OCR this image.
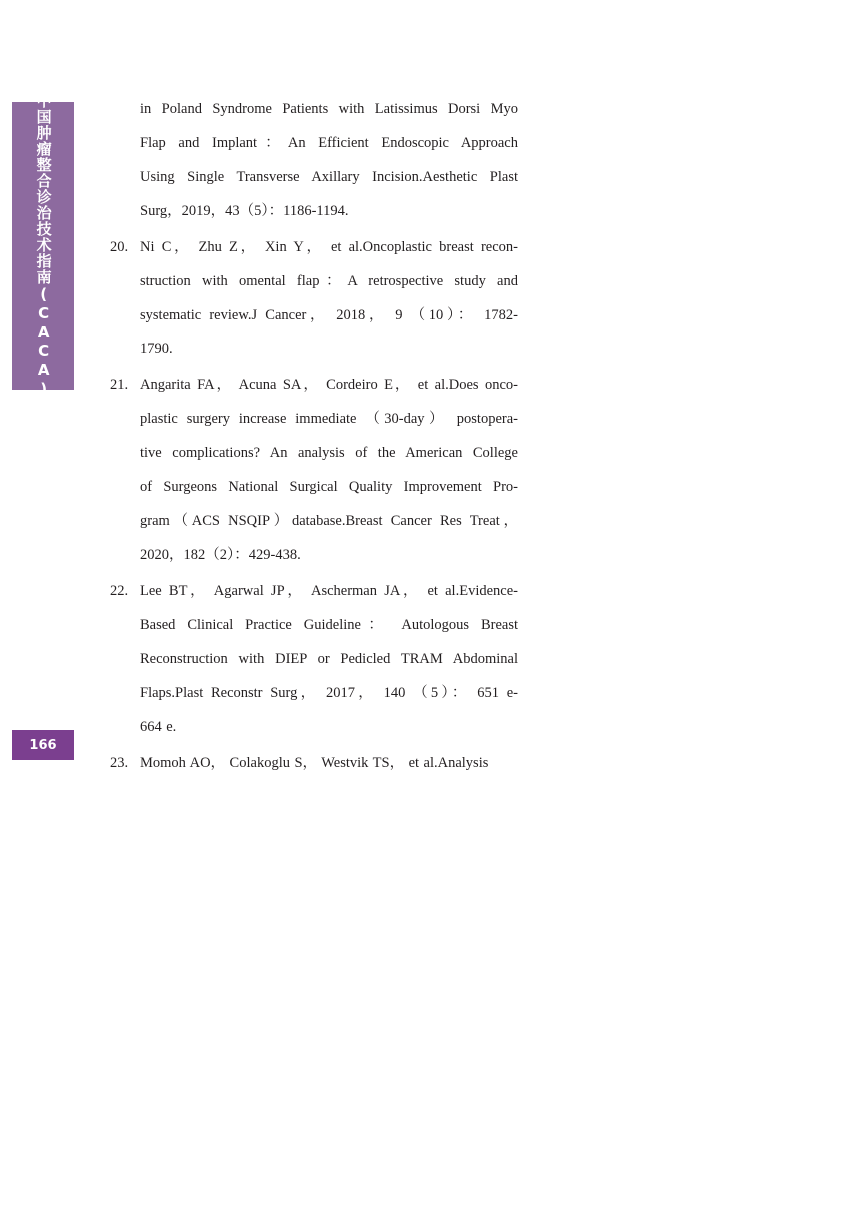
中国肿瘤整合诊治技术指南(CACA)
166
in Poland Syndrome Patients with Latissimus Dorsi Myo
Flap and Implant：An Efficient Endoscopic Approach
Using Single Transverse Axillary Incision.Aesthetic Plast
Surg，2019，43（5）：1186-1194.
20. Ni C， Zhu Z， Xin Y， et al.Oncoplastic breast recon-
struction with omental flap：A retrospective study and
systematic review.J Cancer， 2018， 9 （10）： 1782-
1790.
21. Angarita FA， Acuna SA， Cordeiro E， et al.Does onco-
plastic surgery increase immediate （30-day） postopera-
tive complications? An analysis of the American College
of Surgeons National Surgical Quality Improvement Pro-
gram（ACS NSQIP）database.Breast Cancer Res Treat，
2020，182（2）：429-438.
22. Lee BT， Agarwal JP， Ascherman JA， et al.Evidence-
Based Clinical Practice Guideline： Autologous Breast
Reconstruction with DIEP or Pedicled TRAM Abdominal
Flaps.Plast Reconstr Surg， 2017， 140 （5）： 651 e-
664 e.
23. Momoh AO， Colakoglu S， Westvik TS， et al.Analysis
